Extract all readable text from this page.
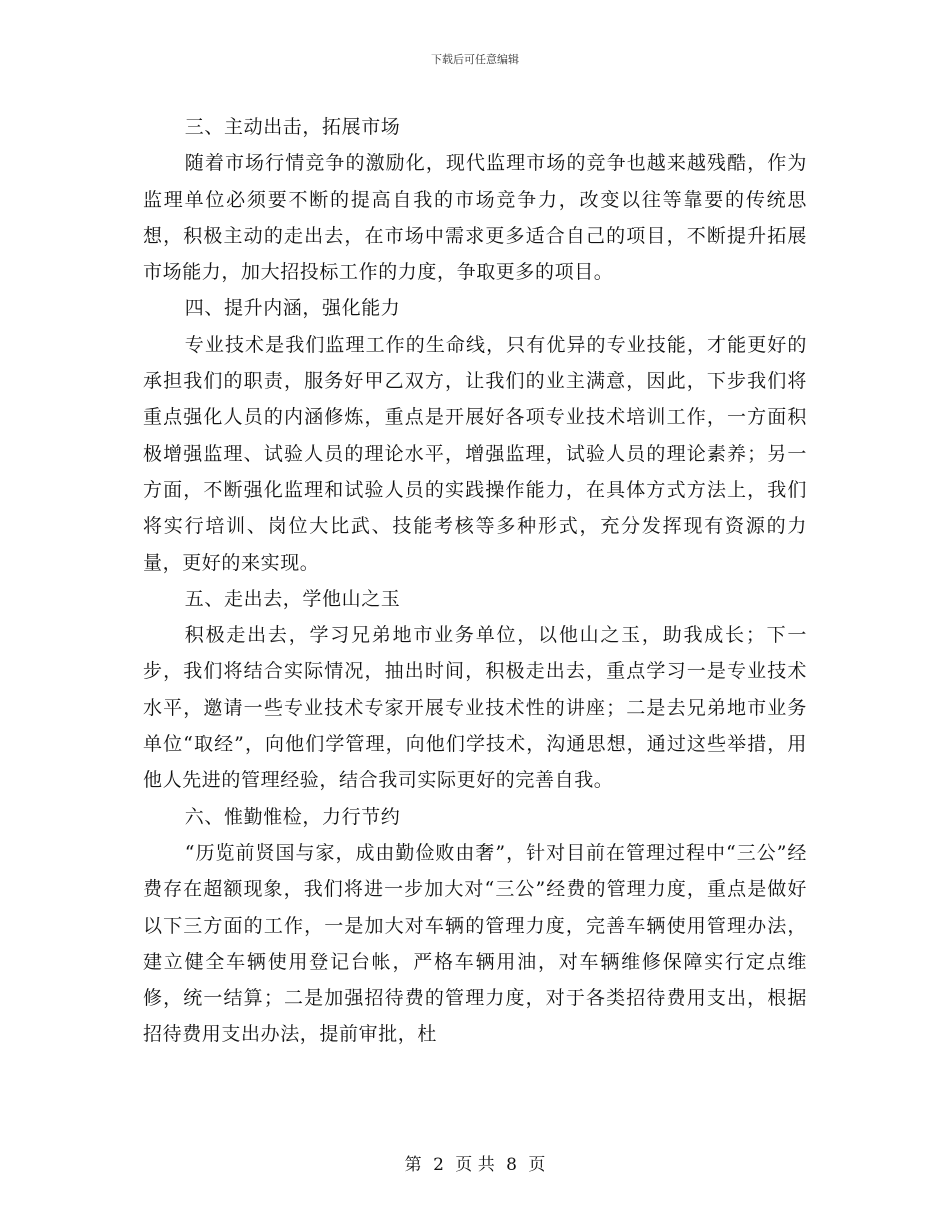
下载后可任意编辑

三、主动出击，拓展市场

随着市场行情竞争的激励化，现代监理市场的竞争也越来越残酷，作为监理单位必须要不断的提高自我的市场竞争力，改变以往等靠要的传统思想，积极主动的走出去，在市场中需求更多适合自己的项目，不断提升拓展市场能力，加大招投标工作的力度，争取更多的项目。

四、提升内涵，强化能力

专业技术是我们监理工作的生命线，只有优异的专业技能，才能更好的承担我们的职责，服务好甲乙双方，让我们的业主满意，因此，下步我们将重点强化人员的内涵修炼，重点是开展好各项专业技术培训工作，一方面积极增强监理、试验人员的理论水平，增强监理，试验人员的理论素养；另一方面，不断强化监理和试验人员的实践操作能力，在具体方式方法上，我们将实行培训、岗位大比武、技能考核等多种形式，充分发挥现有资源的力量，更好的来实现。

五、走出去，学他山之玉

积极走出去，学习兄弟地市业务单位，以他山之玉，助我成长；下一步，我们将结合实际情况，抽出时间，积极走出去，重点学习一是专业技术水平，邀请一些专业技术专家开展专业技术性的讲座；二是去兄弟地市业务单位“取经”，向他们学管理，向他们学技术，沟通思想，通过这些举措，用他人先进的管理经验，结合我司实际更好的完善自我。

六、惟勤惟检，力行节约

“历览前贤国与家，成由勤俭败由奢”，针对目前在管理过程中“三公”经费存在超额现象，我们将进一步加大对“三公”经费的管理力度，重点是做好以下三方面的工作，一是加大对车辆的管理力度，完善车辆使用管理办法，建立健全车辆使用登记台帐，严格车辆用油，对车辆维修保障实行定点维修，统一结算；二是加强招待费的管理力度，对于各类招待费用支出，根据招待费用支出办法，提前审批，杜

第 2 页 共 8 页
